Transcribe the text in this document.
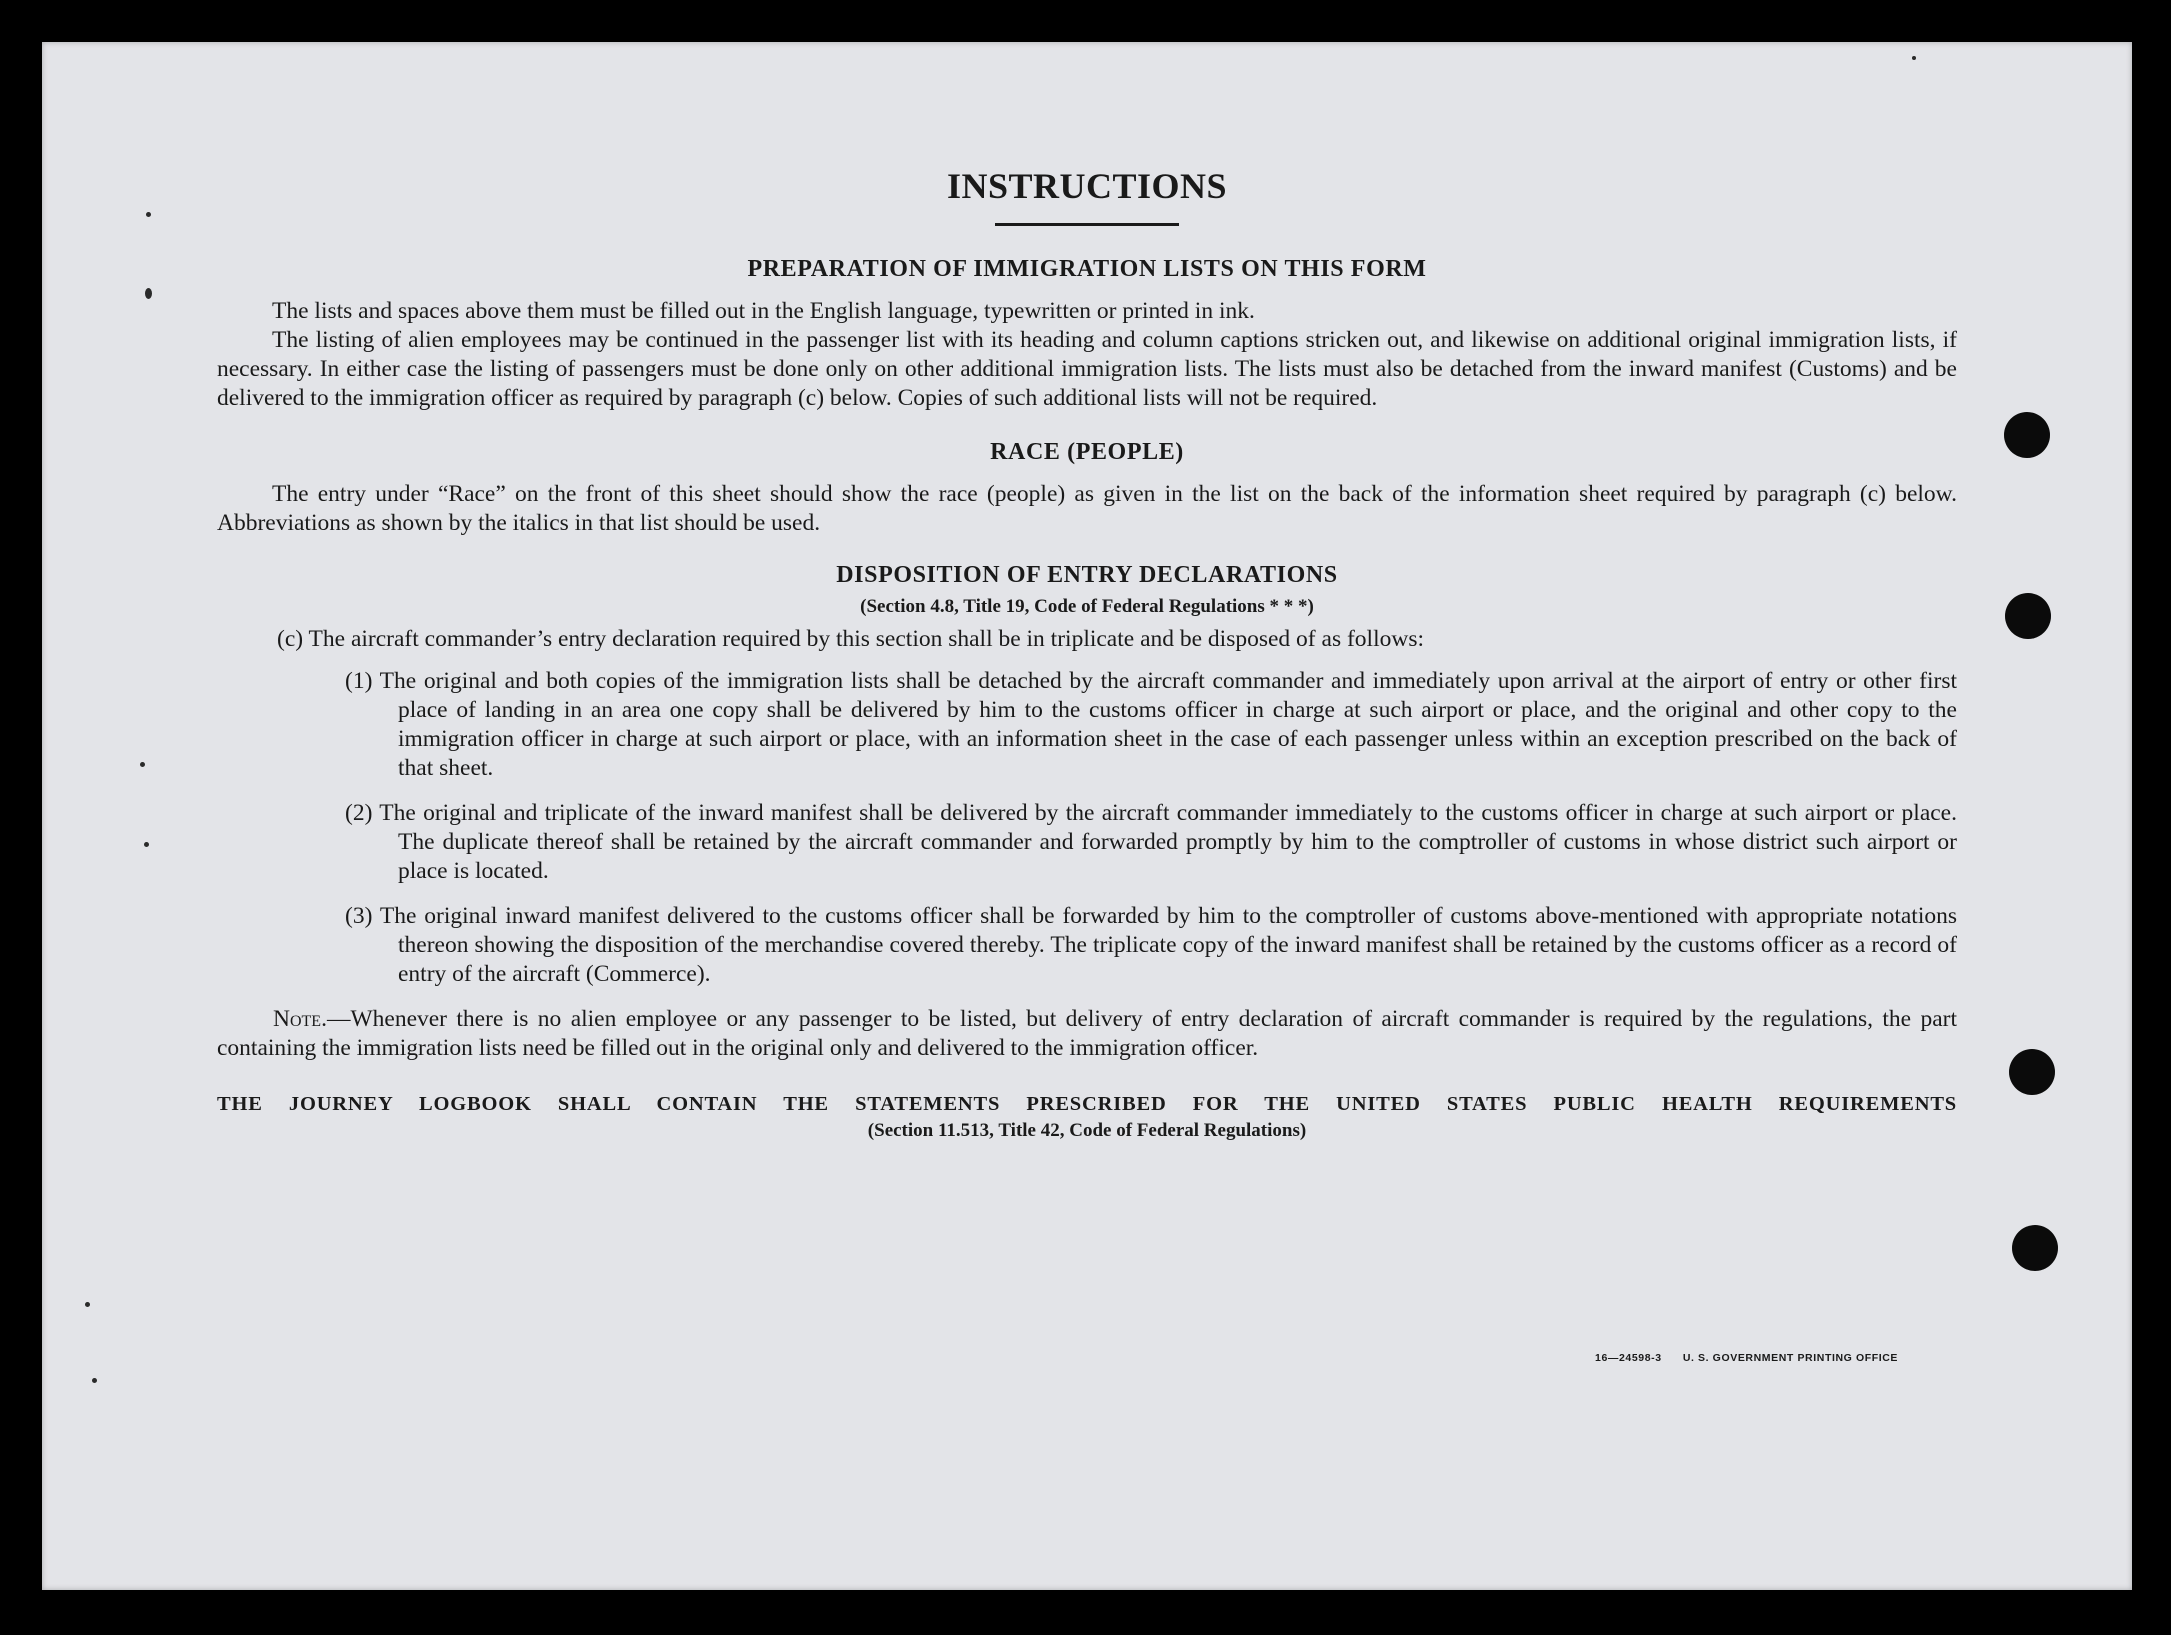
INSTRUCTIONS
PREPARATION OF IMMIGRATION LISTS ON THIS FORM

The lists and spaces above them must be filled out in the English language, typewritten or printed in ink.

The listing of alien employees may be continued in the passenger list with its heading and column captions stricken out, and likewise on additional original immigration lists, if necessary. In either case the listing of passengers must be done only on other additional immigration lists. The lists must also be detached from the inward manifest (Customs) and be delivered to the immigration officer as required by paragraph (c) below. Copies of such additional lists will not be required.

RACE (PEOPLE)

The entry under “Race” on the front of this sheet should show the race (people) as given in the list on the back of the information sheet required by paragraph (c) below. Abbreviations as shown by the italics in that list should be used.

DISPOSITION OF ENTRY DECLARATIONS
(Section 4.8, Title 19, Code of Federal Regulations * * *)

(c) The aircraft commander’s entry declaration required by this section shall be in triplicate and be disposed of as follows:

(1) The original and both copies of the immigration lists shall be detached by the aircraft commander and immediately upon arrival at the airport of entry or other first place of landing in an area one copy shall be delivered by him to the customs officer in charge at such airport or place, and the original and other copy to the immigration officer in charge at such airport or place, with an information sheet in the case of each passenger unless within an exception prescribed on the back of that sheet.

(2) The original and triplicate of the inward manifest shall be delivered by the aircraft commander immediately to the customs officer in charge at such airport or place. The duplicate thereof shall be retained by the aircraft commander and forwarded promptly by him to the comptroller of customs in whose district such airport or place is located.

(3) The original inward manifest delivered to the customs officer shall be forwarded by him to the comptroller of customs above-mentioned with appropriate notations thereon showing the disposition of the merchandise covered thereby. The triplicate copy of the inward manifest shall be retained by the customs officer as a record of entry of the aircraft (Commerce).

Note.—Whenever there is no alien employee or any passenger to be listed, but delivery of entry declaration of aircraft commander is required by the regulations, the part containing the immigration lists need be filled out in the original only and delivered to the immigration officer.

THE JOURNEY LOGBOOK SHALL CONTAIN THE STATEMENTS PRESCRIBED FOR THE UNITED STATES PUBLIC HEALTH REQUIREMENTS
(Section 11.513, Title 42, Code of Federal Regulations)
16—24598-3 U. S. GOVERNMENT PRINTING OFFICE
